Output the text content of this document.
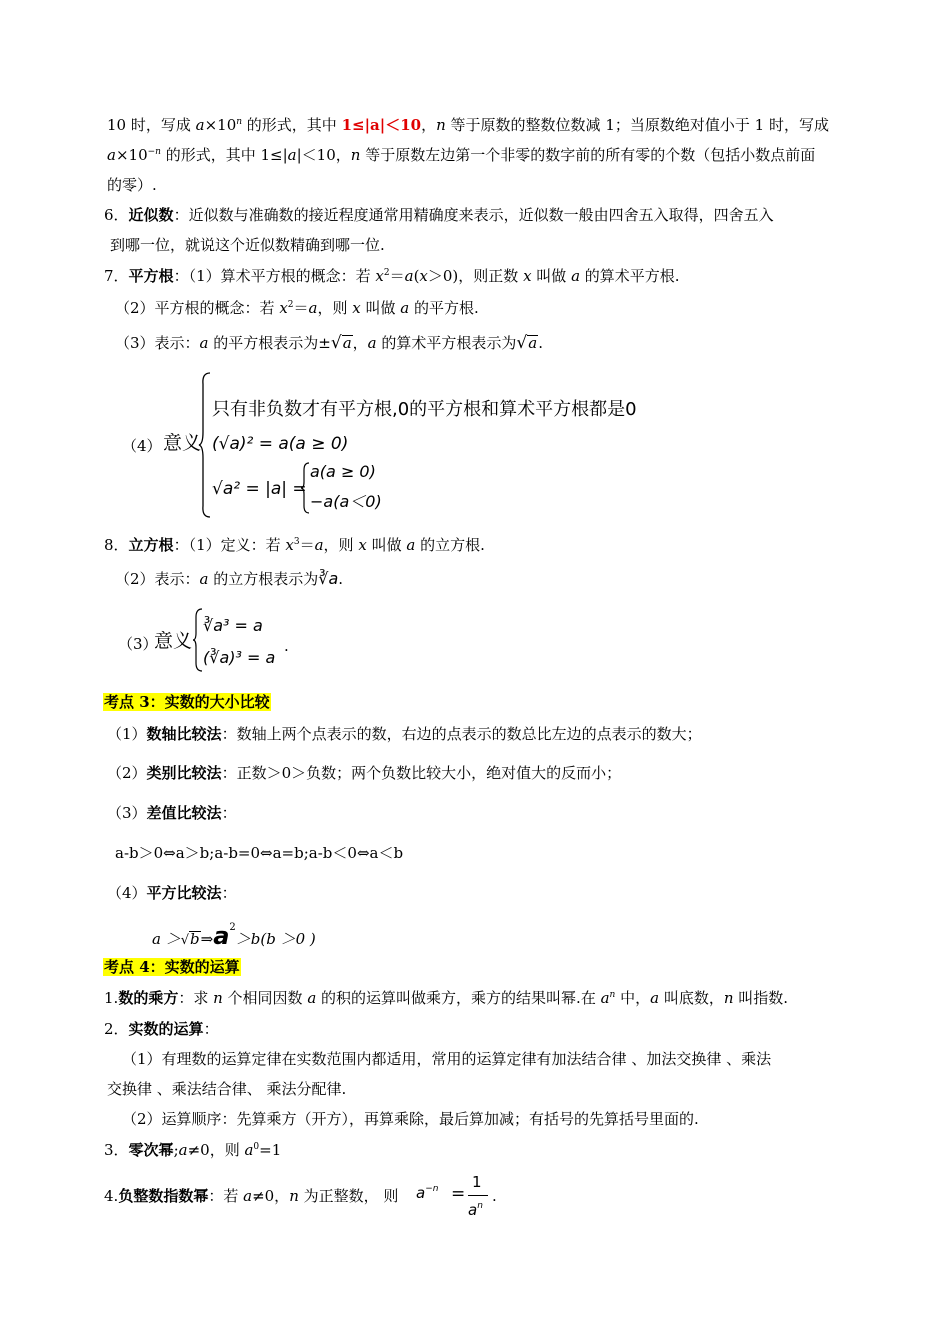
10 时，写成 $a\times 10^n$ 的形式，其中 1≤|a|＜10，n 等于原数的整数位数减 1；当原数绝对值小于 1 时，写成
$a\times 10^{-n}$ 的形式，其中 1≤|a|＜10，n 等于原数左边第一个非零的数字前的所有零的个数（包括小数点前面
的零）.
6．近似数：近似数与准确数的接近程度通常用精确度来表示，近似数一般由四舍五入取得，四舍五入
到哪一位，就说这个近似数精确到哪一位.
7．平方根：（1）算术平方根的概念：若 $x^2=a(x>0)$，则正数 x 叫做 a 的算术平方根.
（2）平方根的概念：若 $x^2=a$，则 x 叫做 a 的平方根.
（3）表示：a 的平方根表示为±√a，a 的算术平方根表示为√a.
（4） 意义
只有非负数才有平方根,0的平方根和算术平方根都是0
(√a)² = a(a ≥ 0)
√a² = |a| =
a(a ≥ 0)
−a(a＜0)
8．立方根：（1）定义：若 $x^3=a$，则 x 叫做 a 的立方根.
（2）表示：a 的立方根表示为∛a.
（3）
意义
∛a³ = a
(∛a)³ = a
.
考点 3：实数的大小比较
（1）数轴比较法：数轴上两个点表示的数，右边的点表示的数总比左边的点表示的数大；
（2）类别比较法：正数＞0＞负数；两个负数比较大小，绝对值大的反而小；
（3）差值比较法：
a-b＞0⇔a＞b;a-b=0⇔a=b;a-b＜0⇔a＜b
（4）平方比较法：
$a >√b\Rightarrow a^2>b(b >0$ )
考点 4：实数的运算
1.数的乘方：求 n 个相同因数 a 的积的运算叫做乘方，乘方的结果叫幂.在 $a^n$ 中，a 叫底数，n 叫指数.
2．实数的运算：
（1）有理数的运算定律在实数范围内都适用，常用的运算定律有加法结合律 、加法交换律 、乘法
交换律 、乘法结合律、 乘法分配律.
（2）运算顺序：先算乘方（开方），再算乘除，最后算加减；有括号的先算括号里面的.
3．零次幂;a≠0，则 $a^0=1$
4.负整数指数幂：若 a≠0，n 为正整数， 则 $a^{-n}$ =
1
$a^n$
.
